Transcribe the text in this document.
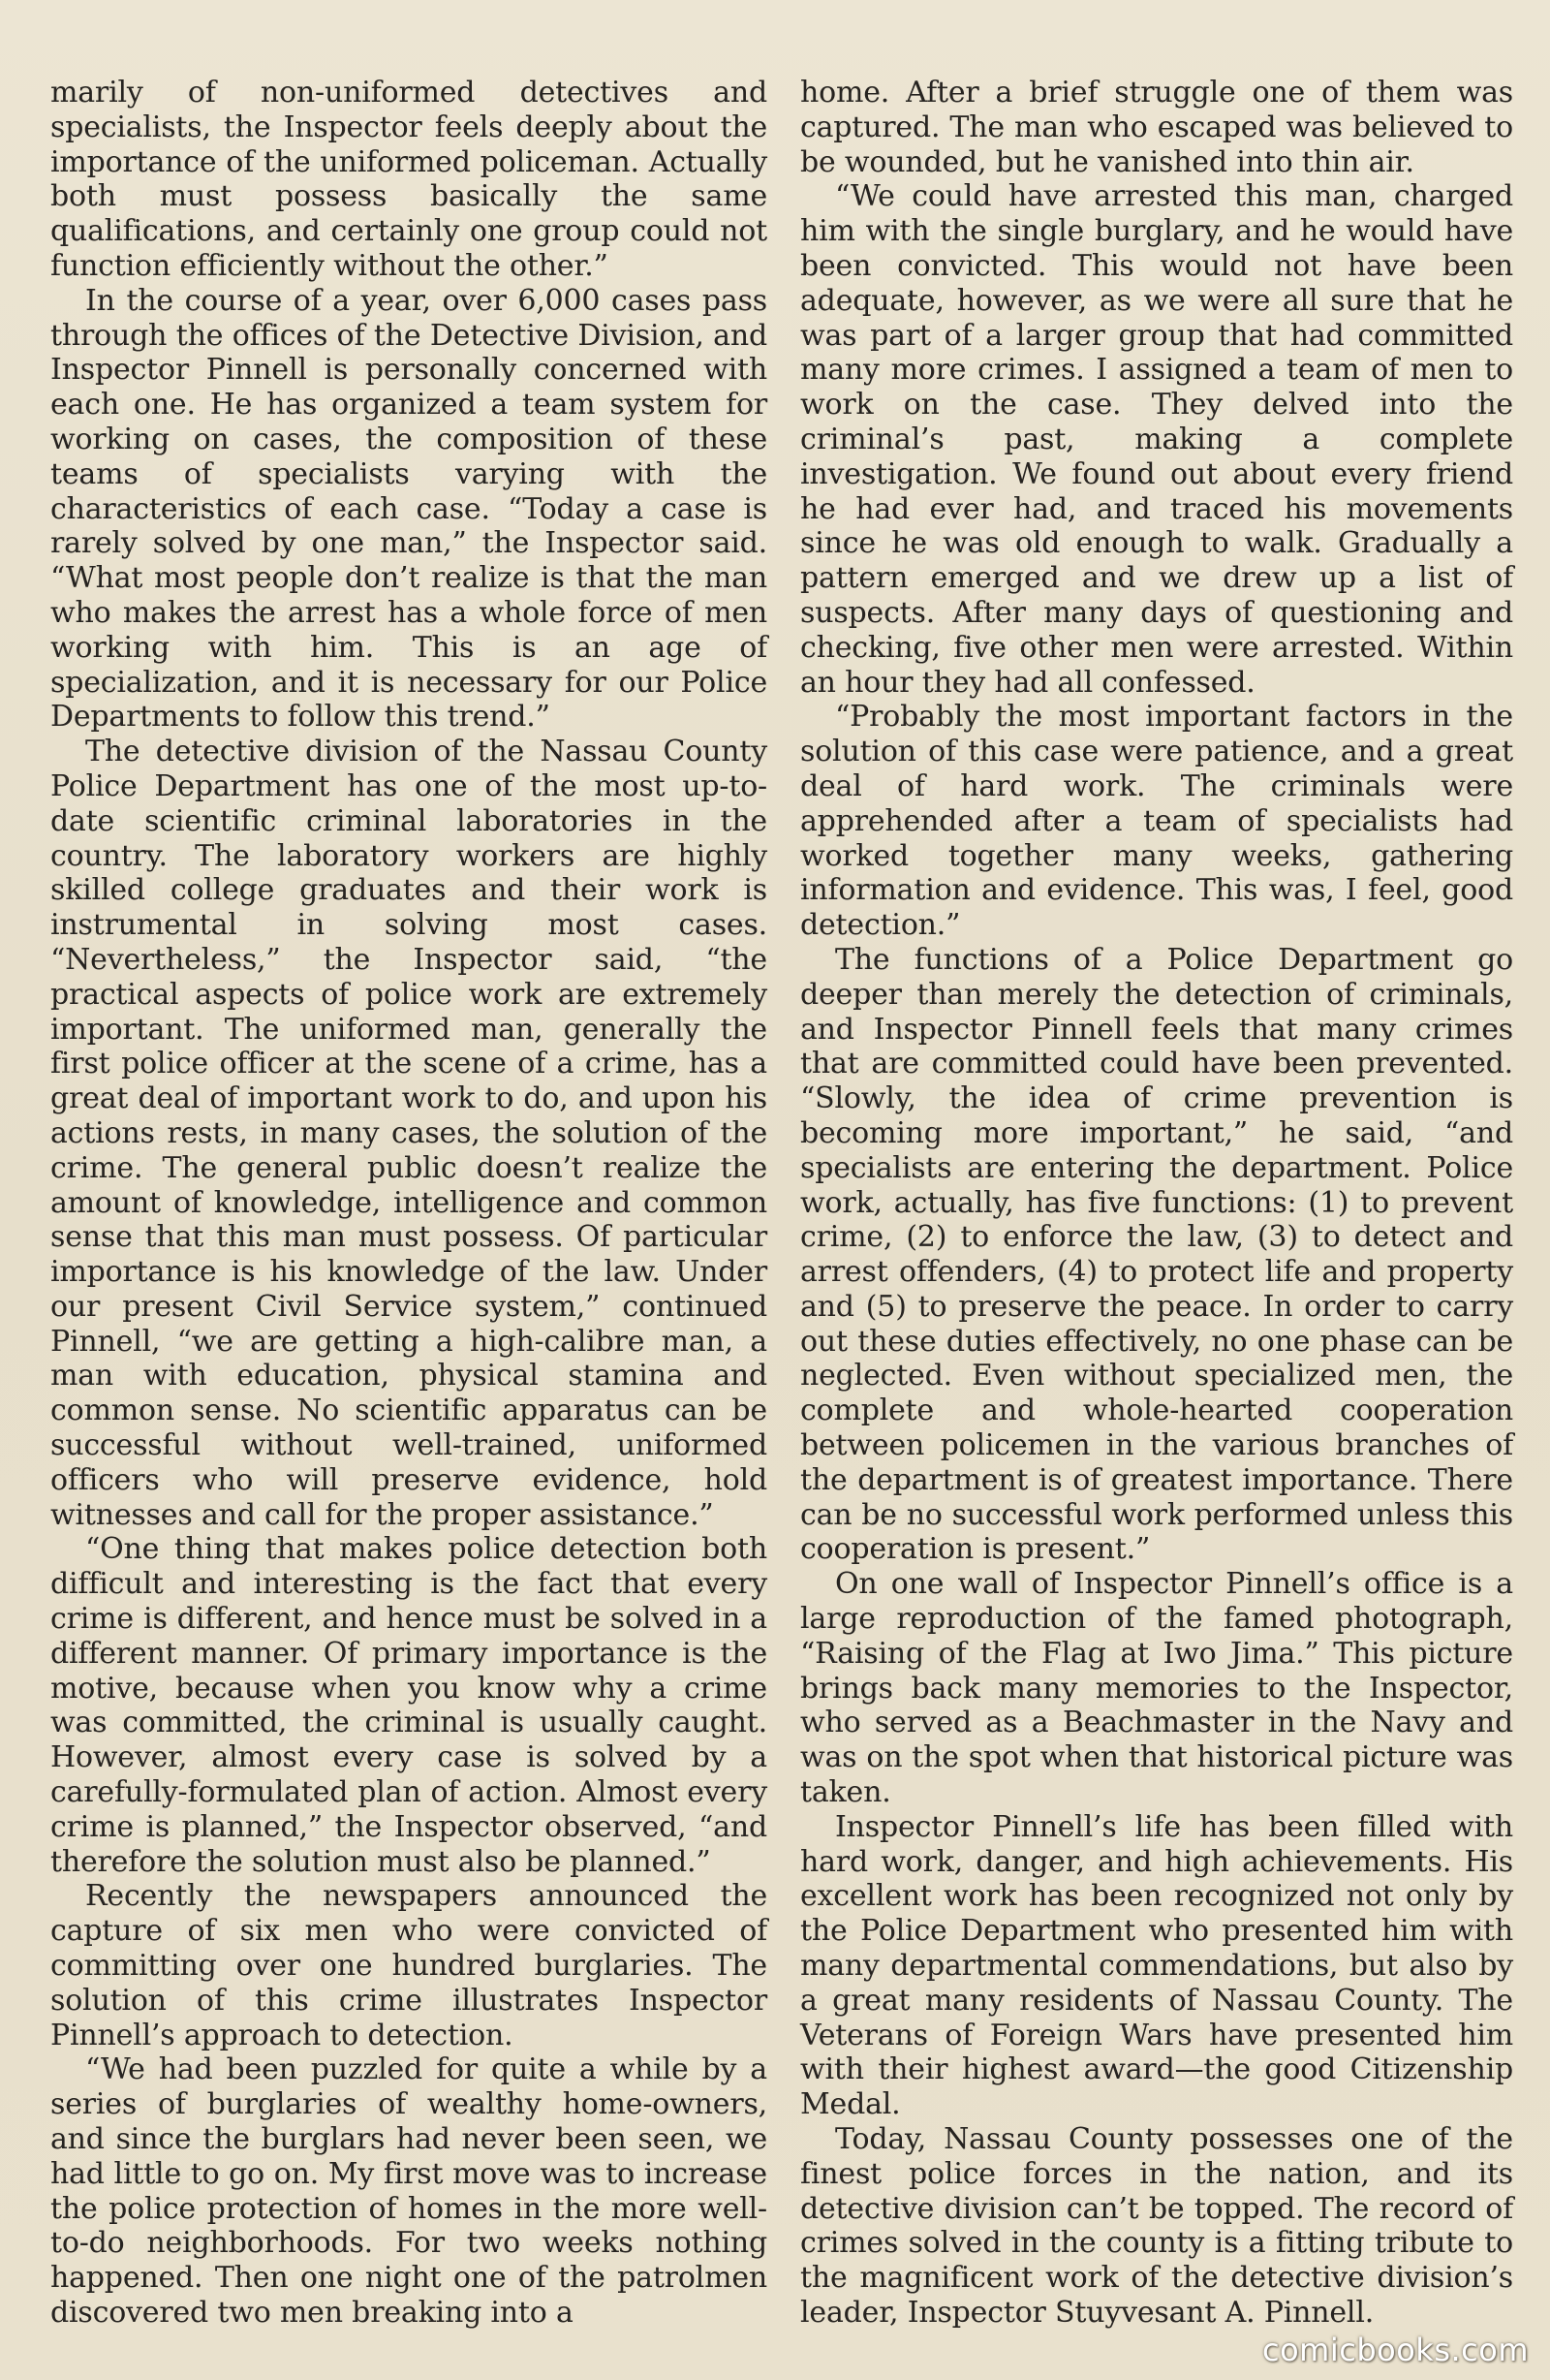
marily of non-uniformed detectives and specialists, the Inspector feels deeply about the importance of the uniformed policeman. Actually both must possess basically the same qualifications, and certainly one group could not function efficiently without the other.”

In the course of a year, over 6,000 cases pass through the offices of the Detective Division, and Inspector Pinnell is personally concerned with each one. He has organized a team system for working on cases, the composition of these teams of specialists varying with the characteristics of each case. “Today a case is rarely solved by one man,” the Inspector said. “What most people don’t realize is that the man who makes the arrest has a whole force of men working with him. This is an age of specialization, and it is necessary for our Police Departments to follow this trend.”

The detective division of the Nassau County Police Department has one of the most up-to-date scientific criminal laboratories in the country. The laboratory workers are highly skilled college graduates and their work is instrumental in solving most cases. “Nevertheless,” the Inspector said, “the practical aspects of police work are extremely important. The uniformed man, generally the first police officer at the scene of a crime, has a great deal of important work to do, and upon his actions rests, in many cases, the solution of the crime. The general public doesn’t realize the amount of knowledge, intelligence and common sense that this man must possess. Of particular importance is his knowledge of the law. Under our present Civil Service system,” continued Pinnell, “we are getting a high-calibre man, a man with education, physical stamina and common sense. No scientific apparatus can be successful without well-trained, uniformed officers who will preserve evidence, hold witnesses and call for the proper assistance.”

“One thing that makes police detection both difficult and interesting is the fact that every crime is different, and hence must be solved in a different manner. Of primary importance is the motive, because when you know why a crime was committed, the criminal is usually caught. However, almost every case is solved by a carefully-formulated plan of action. Almost every crime is planned,” the Inspector observed, “and therefore the solution must also be planned.”

Recently the newspapers announced the capture of six men who were convicted of committing over one hundred burglaries. The solution of this crime illustrates Inspector Pinnell’s approach to detection.

“We had been puzzled for quite a while by a series of burglaries of wealthy home-owners, and since the burglars had never been seen, we had little to go on. My first move was to increase the police protection of homes in the more well-to-do neighborhoods. For two weeks nothing happened. Then one night one of the patrolmen discovered two men breaking into a

home. After a brief struggle one of them was captured. The man who escaped was believed to be wounded, but he vanished into thin air.

“We could have arrested this man, charged him with the single burglary, and he would have been convicted. This would not have been adequate, however, as we were all sure that he was part of a larger group that had committed many more crimes. I assigned a team of men to work on the case. They delved into the criminal’s past, making a complete investigation. We found out about every friend he had ever had, and traced his movements since he was old enough to walk. Gradually a pattern emerged and we drew up a list of suspects. After many days of questioning and checking, five other men were arrested. Within an hour they had all confessed.

“Probably the most important factors in the solution of this case were patience, and a great deal of hard work. The criminals were apprehended after a team of specialists had worked together many weeks, gathering information and evidence. This was, I feel, good detection.”

The functions of a Police Department go deeper than merely the detection of criminals, and Inspector Pinnell feels that many crimes that are committed could have been prevented. “Slowly, the idea of crime prevention is becoming more important,” he said, “and specialists are entering the department. Police work, actually, has five functions: (1) to prevent crime, (2) to enforce the law, (3) to detect and arrest offenders, (4) to protect life and property and (5) to preserve the peace. In order to carry out these duties effectively, no one phase can be neglected. Even without specialized men, the complete and whole-hearted cooperation between policemen in the various branches of the department is of greatest importance. There can be no successful work performed unless this cooperation is present.”

On one wall of Inspector Pinnell’s office is a large reproduction of the famed photograph, “Raising of the Flag at Iwo Jima.” This picture brings back many memories to the Inspector, who served as a Beachmaster in the Navy and was on the spot when that historical picture was taken.

Inspector Pinnell’s life has been filled with hard work, danger, and high achievements. His excellent work has been recognized not only by the Police Department who presented him with many departmental commendations, but also by a great many residents of Nassau County. The Veterans of Foreign Wars have presented him with their highest award—the good Citizenship Medal.

Today, Nassau County possesses one of the finest police forces in the nation, and its detective division can’t be topped. The record of crimes solved in the county is a fitting tribute to the magnificent work of the detective division’s leader, Inspector Stuyvesant A. Pinnell.

comicbooks.com
